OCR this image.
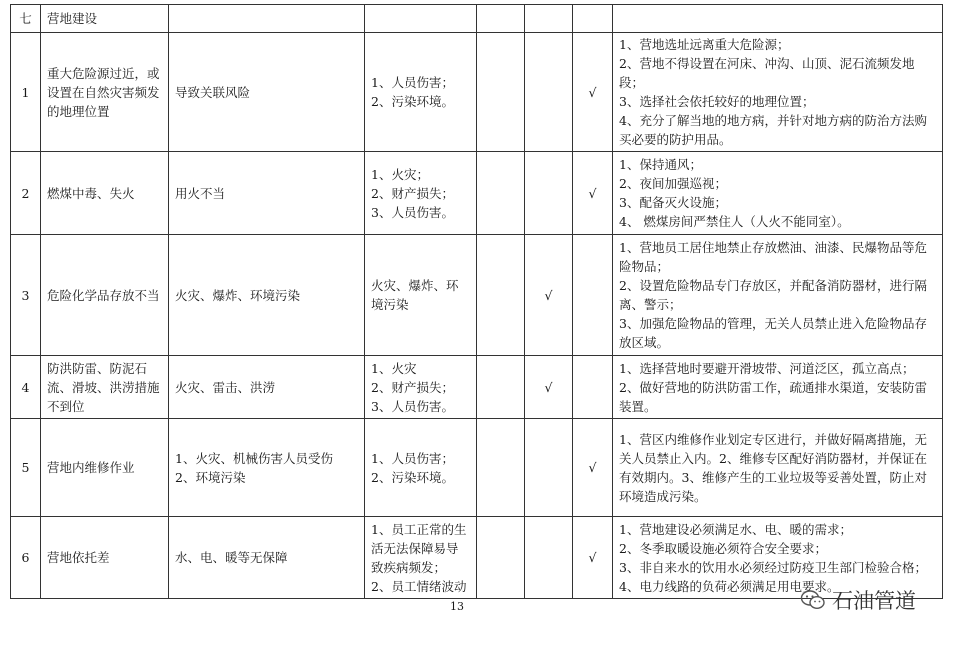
七	营地建设						
1	重大危险源过近，或设置在自然灾害频发的地理位置	导致关联风险	1、人员伤害；
2、污染环境。			√	1、营地选址远离重大危险源；
2、营地不得设置在河床、冲沟、山顶、泥石流频发地段；
3、选择社会依托较好的地理位置；
4、充分了解当地的地方病，并针对地方病的防治方法购买必要的防护用品。
2	燃煤中毒、失火	用火不当	1、火灾；
2、财产损失；
3、人员伤害。			√	1、保持通风；
2、夜间加强巡视；
3、配备灭火设施；
4、 燃煤房间严禁住人（人火不能同室）。
3	危险化学品存放不当	火灾、爆炸、环境污染	火灾、爆炸、环境污染		√		1、营地员工居住地禁止存放燃油、油漆、民爆物品等危险物品；
2、设置危险物品专门存放区，并配备消防器材，进行隔离、警示；
3、加强危险物品的管理，无关人员禁止进入危险物品存放区域。
4	防洪防雷、防泥石流、滑坡、洪涝措施不到位	火灾、雷击、洪涝	1、火灾
2、财产损失；
3、人员伤害。		√		1、选择营地时要避开滑坡带、河道泛区，孤立高点；
2、做好营地的防洪防雷工作，疏通排水渠道，安装防雷装置。
5	营地内维修作业	1、火灾、机械伤害人员受伤
2、环境污染	1、人员伤害；
2、污染环境。			√	1、营区内维修作业划定专区进行，并做好隔离措施，无关人员禁止入内。2、维修专区配好消防器材，并保证在有效期内。3、维修产生的工业垃圾等妥善处置，防止对环境造成污染。
6	营地依托差	水、电、暖等无保障	1、员工正常的生活无法保障易导致疾病频发；
2、员工情绪波动			√	1、营地建设必须满足水、电、暖的需求；
2、冬季取暖设施必须符合安全要求；
3、非自来水的饮用水必须经过防疫卫生部门检验合格；
4、电力线路的负荷必须满足用电要求。
13	石油管道
